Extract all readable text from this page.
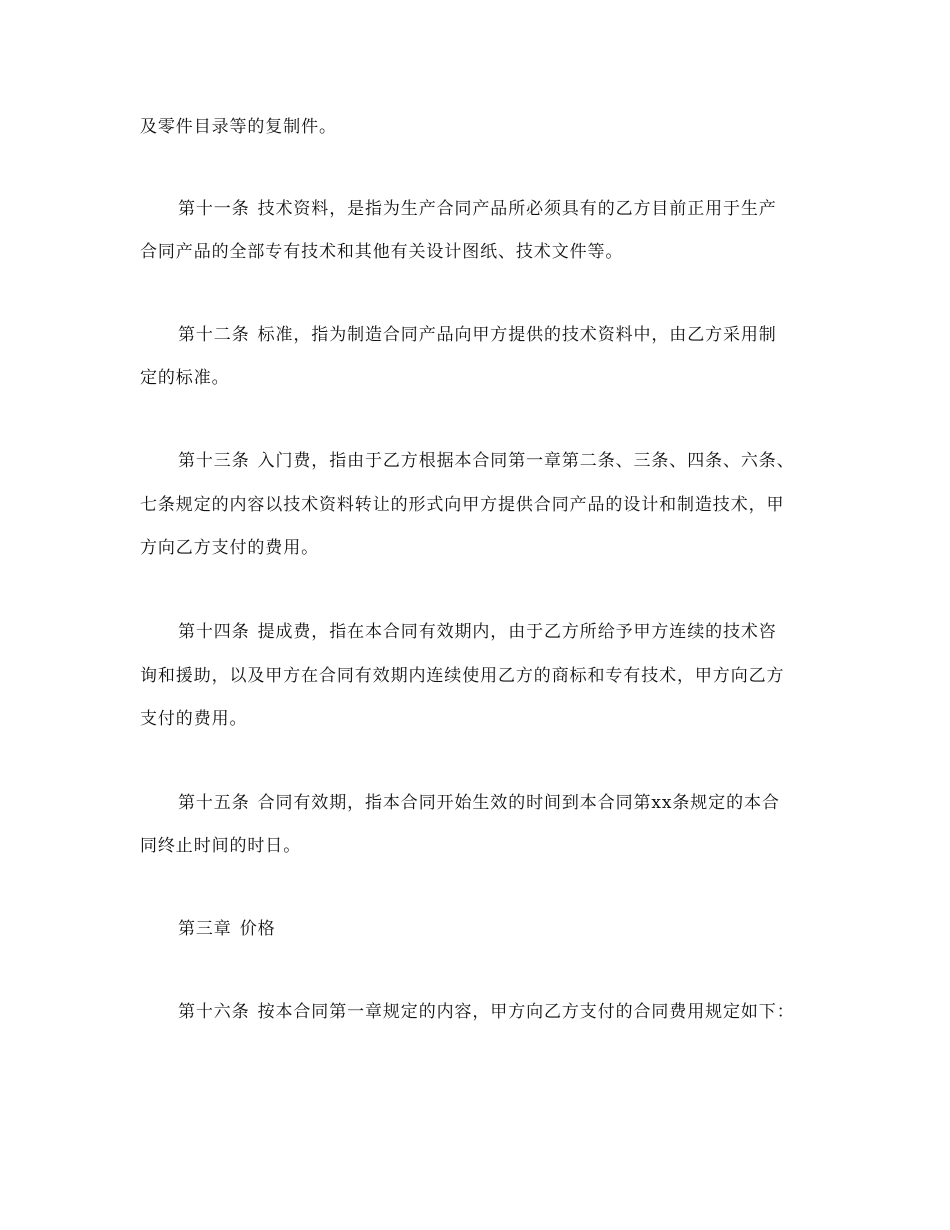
及零件目录等的复制件。
第十一条 技术资料，是指为生产合同产品所必须具有的乙方目前正用于生产
合同产品的全部专有技术和其他有关设计图纸、技术文件等。
第十二条 标准，指为制造合同产品向甲方提供的技术资料中，由乙方采用制
定的标准。
第十三条 入门费，指由于乙方根据本合同第一章第二条、三条、四条、六条、
七条规定的内容以技术资料转让的形式向甲方提供合同产品的设计和制造技术，甲
方向乙方支付的费用。
第十四条 提成费，指在本合同有效期内，由于乙方所给予甲方连续的技术咨
询和援助，以及甲方在合同有效期内连续使用乙方的商标和专有技术，甲方向乙方
支付的费用。
第十五条 合同有效期，指本合同开始生效的时间到本合同第xx条规定的本合
同终止时间的时日。
第三章 价格
第十六条 按本合同第一章规定的内容，甲方向乙方支付的合同费用规定如下：
